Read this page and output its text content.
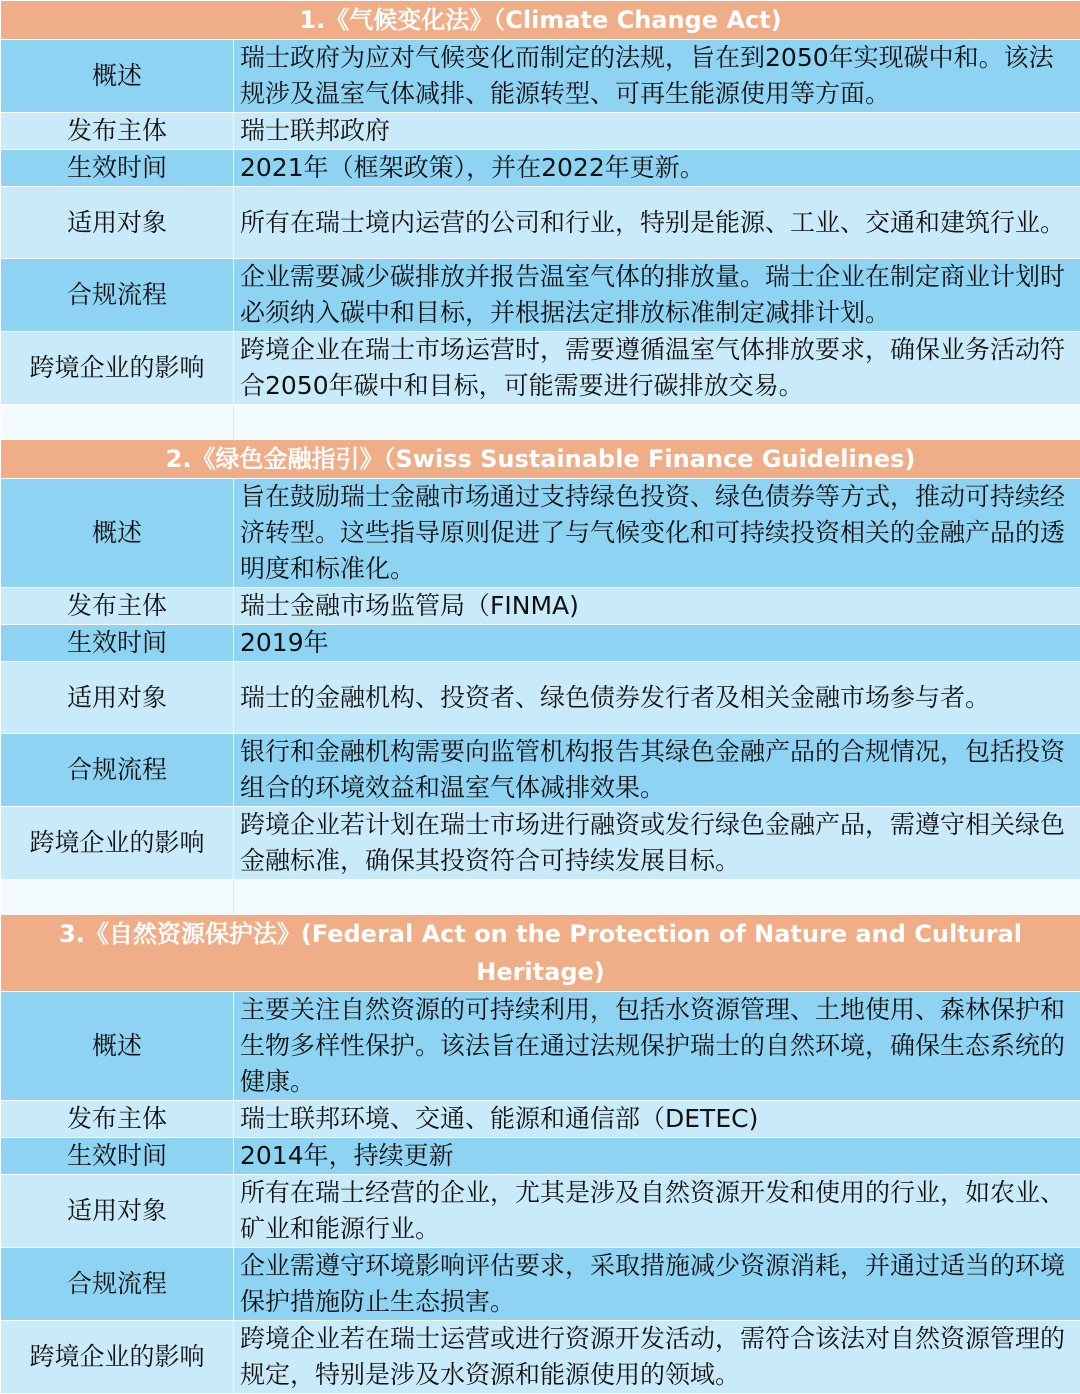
1.《气候变化法》（Climate Change Act)	
概述	瑞士政府为应对气候变化而制定的法规，旨在到2050年实现碳中和。该法规涉及温室气体减排、能源转型、可再生能源使用等方面。
发布主体	瑞士联邦政府
生效时间	2021年（框架政策），并在2022年更新。
适用对象	所有在瑞士境内运营的公司和行业，特别是能源、工业、交通和建筑行业。
合规流程	企业需要减少碳排放并报告温室气体的排放量。瑞士企业在制定商业计划时必须纳入碳中和目标，并根据法定排放标准制定减排计划。
跨境企业的影响	跨境企业在瑞士市场运营时，需要遵循温室气体排放要求，确保业务活动符合2050年碳中和目标，可能需要进行碳排放交易。

2.《绿色金融指引》（Swiss Sustainable Finance Guidelines)	
概述	旨在鼓励瑞士金融市场通过支持绿色投资、绿色债券等方式，推动可持续经济转型。这些指导原则促进了与气候变化和可持续投资相关的金融产品的透明度和标准化。
发布主体	瑞士金融市场监管局（FINMA)
生效时间	2019年
适用对象	瑞士的金融机构、投资者、绿色债券发行者及相关金融市场参与者。
合规流程	银行和金融机构需要向监管机构报告其绿色金融产品的合规情况，包括投资组合的环境效益和温室气体减排效果。
跨境企业的影响	跨境企业若计划在瑞士市场进行融资或发行绿色金融产品，需遵守相关绿色金融标准，确保其投资符合可持续发展目标。

3.《自然资源保护法》(Federal Act on the Protection of Nature and Cultural Heritage)	
概述	主要关注自然资源的可持续利用，包括水资源管理、土地使用、森林保护和生物多样性保护。该法旨在通过法规保护瑞士的自然环境，确保生态系统的健康。
发布主体	瑞士联邦环境、交通、能源和通信部（DETEC)
生效时间	2014年，持续更新
适用对象	所有在瑞士经营的企业，尤其是涉及自然资源开发和使用的行业，如农业、矿业和能源行业。
合规流程	企业需遵守环境影响评估要求，采取措施减少资源消耗，并通过适当的环境保护措施防止生态损害。
跨境企业的影响	跨境企业若在瑞士运营或进行资源开发活动，需符合该法对自然资源管理的规定，特别是涉及水资源和能源使用的领域。
